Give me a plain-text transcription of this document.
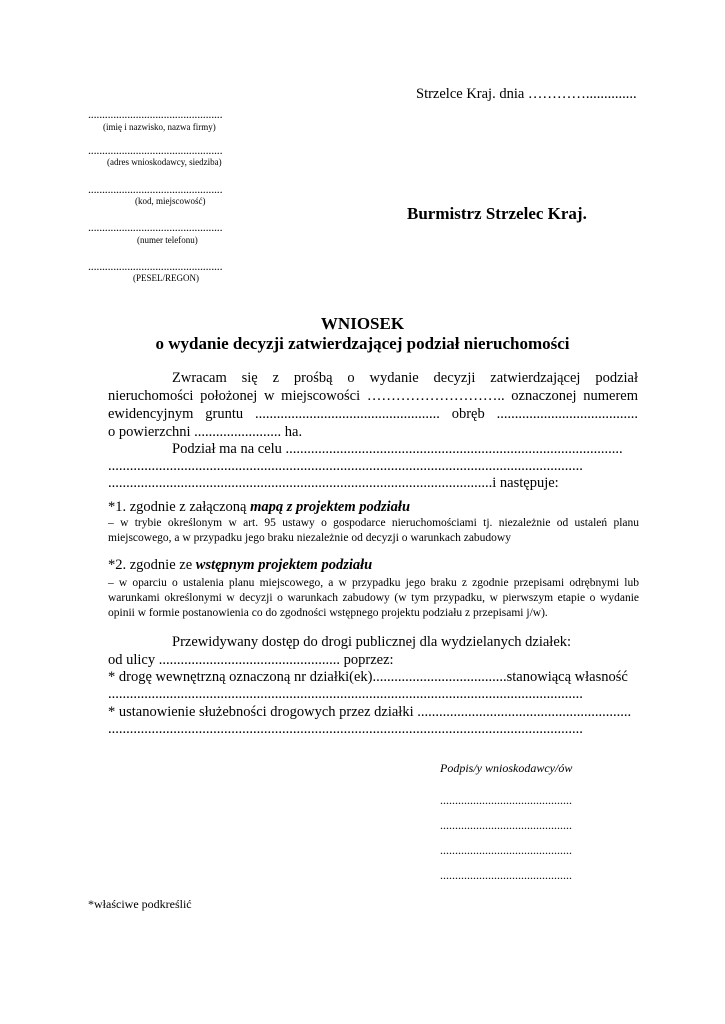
Strzelce Kraj. dnia …………..............
................................................
(imię i nazwisko, nazwa firmy)
................................................
(adres wnioskodawcy, siedziba)
................................................
(kod, miejscowość)
................................................
(numer telefonu)
................................................
(PESEL/REGON)
Burmistrz Strzelec Kraj.
WNIOSEK
o wydanie decyzji zatwierdzającej podział nieruchomości
Zwracam się z prośbą o wydanie decyzji zatwierdzającej podział
nieruchomości położonej w miejscowości ……………………….. oznaczonej numerem
ewidencyjnym gruntu ................................................... obręb .......................................
o powierzchni ........................ ha.
Podział ma na celu .............................................................................................
...................................................................................................................................
..........................................................................................................i następuje:
*1. zgodnie z załączoną mapą z projektem podziału
– w trybie określonym w art. 95 ustawy o gospodarce nieruchomościami tj. niezależnie od ustaleń planu miejscowego, a w przypadku jego braku niezależnie od decyzji o warunkach zabudowy
*2. zgodnie ze wstępnym projektem podziału
– w oparciu o ustalenia planu miejscowego, a w przypadku jego braku z zgodnie przepisami odrębnymi lub warunkami określonymi w decyzji o warunkach zabudowy (w tym przypadku, w pierwszym etapie o wydanie opinii w formie postanowienia co do zgodności wstępnego projektu podziału z przepisami j/w).
Przewidywany dostęp do drogi publicznej dla wydzielanych działek:
od ulicy .................................................. poprzez:
* drogę wewnętrzną oznaczoną nr działki(ek).....................................stanowiącą własność
...................................................................................................................................
* ustanowienie służebności drogowych przez działki ...........................................................
...................................................................................................................................
Podpis/y wnioskodawcy/ów
............................................
............................................
............................................
............................................
*właściwe podkreślić
